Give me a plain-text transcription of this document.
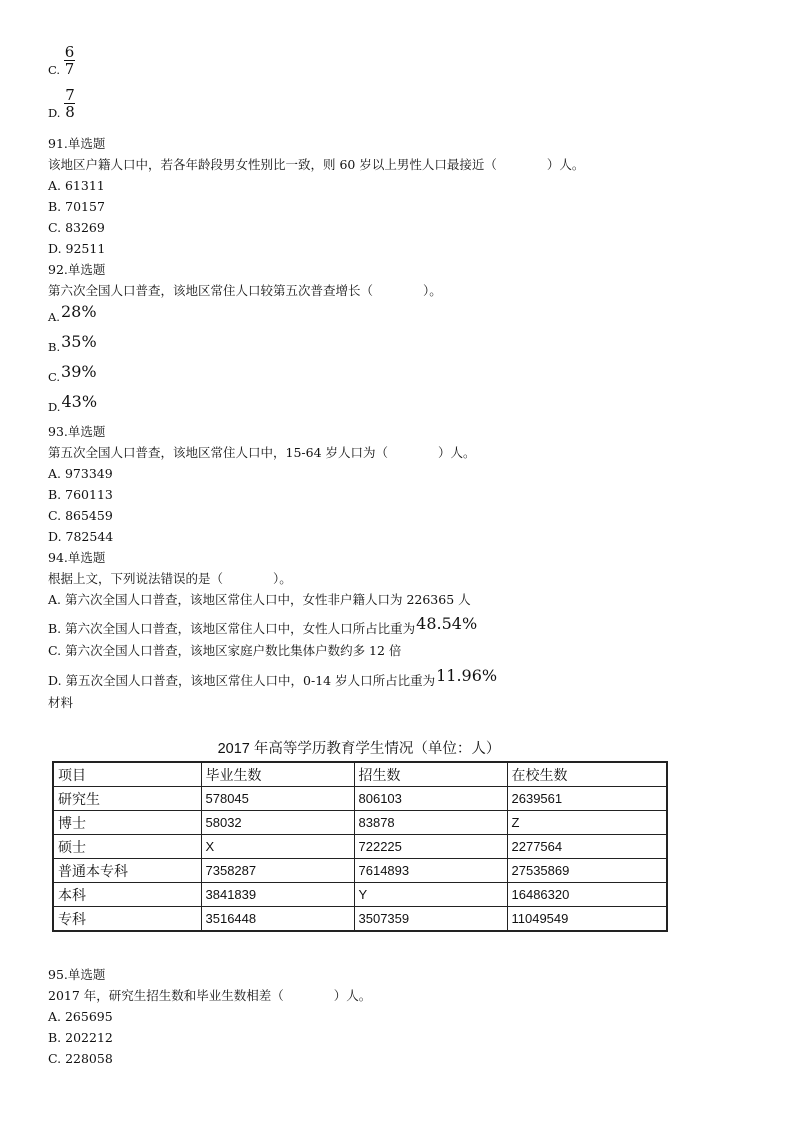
C. $\frac{6}{7}$
D. $\frac{7}{8}$
91.单选题
该地区户籍人口中，若各年龄段男女性别比一致，则 60 岁以上男性人口最接近（　　　　）人。
A. 61311
B. 70157
C. 83269
D. 92511
92.单选题
第六次全国人口普查，该地区常住人口较第五次普查增长（　　　　）。
A.28%
B.35%
C.39%
D.43%
93.单选题
第五次全国人口普查，该地区常住人口中，15-64 岁人口为（　　　　）人。
A. 973349
B. 760113
C. 865459
D. 782544
94.单选题
根据上文，下列说法错误的是（　　　　）。
A. 第六次全国人口普查，该地区常住人口中，女性非户籍人口为 226365 人
B. 第六次全国人口普查，该地区常住人口中，女性人口所占比重为48.54%
C. 第六次全国人口普查，该地区家庭户数比集体户数约多 12 倍
D. 第五次全国人口普查，该地区常住人口中，0-14 岁人口所占比重为11.96%
材料
2017 年高等学历教育学生情况（单位：人）
项目	毕业生数	招生数	在校生数
研究生	578045	806103	2639561
博士	58032	83878	Z
硕士	X	722225	2277564
普通本专科	7358287	7614893	27535869
本科	3841839	Y	16486320
专科	3516448	3507359	11049549
95.单选题
2017 年，研究生招生数和毕业生数相差（　　　　）人。
A. 265695
B. 202212
C. 228058
